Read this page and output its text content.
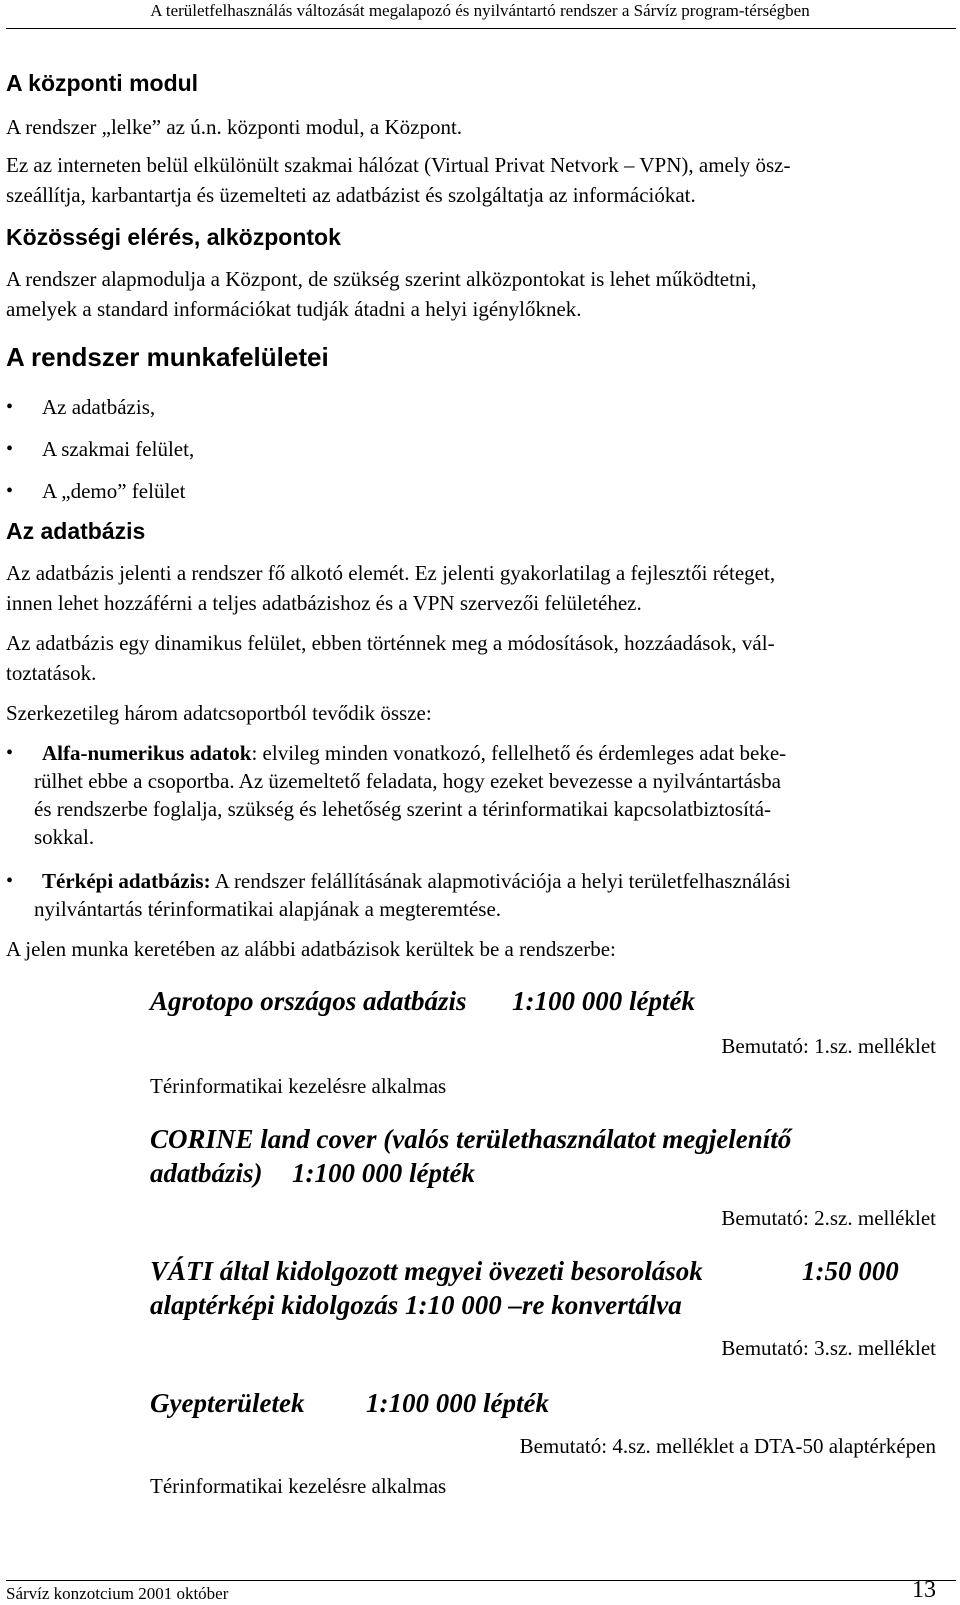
A területfelhasználás változását megalapozó és nyilvántartó rendszer a Sárvíz program-térségben
A központi modul
A rendszer „lelke” az ú.n. központi modul, a Központ.
Ez az interneten belül elkülönült szakmai hálózat (Virtual Privat Netvork – VPN), amely ösz-
szeállítja, karbantartja és üzemelteti az adatbázist és szolgáltatja az információkat.
Közösségi elérés, alközpontok
A rendszer alapmodulja a Központ, de szükség szerint alközpontokat is lehet működtetni,
amelyek a standard információkat tudják átadni a helyi igénylőknek.
A rendszer munkafelületei
• Az adatbázis,
• A szakmai felület,
• A „demo” felület
Az adatbázis
Az adatbázis jelenti a rendszer fő alkotó elemét. Ez jelenti gyakorlatilag a fejlesztői réteget,
innen lehet hozzáférni a teljes adatbázishoz és a VPN szervezői felületéhez.
Az adatbázis egy dinamikus felület, ebben történnek meg a módosítások, hozzáadások, vál-
toztatások.
Szerkezetileg három adatcsoportból tevődik össze:
• Alfa-numerikus adatok: elvileg minden vonatkozó, fellelhető és érdemleges adat beke-
rülhet ebbe a csoportba. Az üzemeltető feladata, hogy ezeket bevezesse a nyilvántartásba
és rendszerbe foglalja, szükség és lehetőség szerint a térinformatikai kapcsolatbiztosítá-
sokkal.
• Térképi adatbázis: A rendszer felállításának alapmotivációja a helyi területfelhasználási
nyilvántartás térinformatikai alapjának a megteremtése.
A jelen munka keretében az alábbi adatbázisok kerültek be a rendszerbe:
Agrotopo országos adatbázis 1:100 000 lépték
Bemutató: 1.sz. melléklet
Térinformatikai kezelésre alkalmas
CORINE land cover (valós területhasználatot megjelenítő
adatbázis) 1:100 000 lépték
Bemutató: 2.sz. melléklet
VÁTI által kidolgozott megyei övezeti besorolások	1:50 000
alaptérképi kidolgozás 1:10 000 –re konvertálva
Bemutató: 3.sz. melléklet
Gyepterületek 1:100 000 lépték
Bemutató: 4.sz. melléklet a DTA-50 alaptérképen
Térinformatikai kezelésre alkalmas
Sárvíz konzotcium 2001 október	13
